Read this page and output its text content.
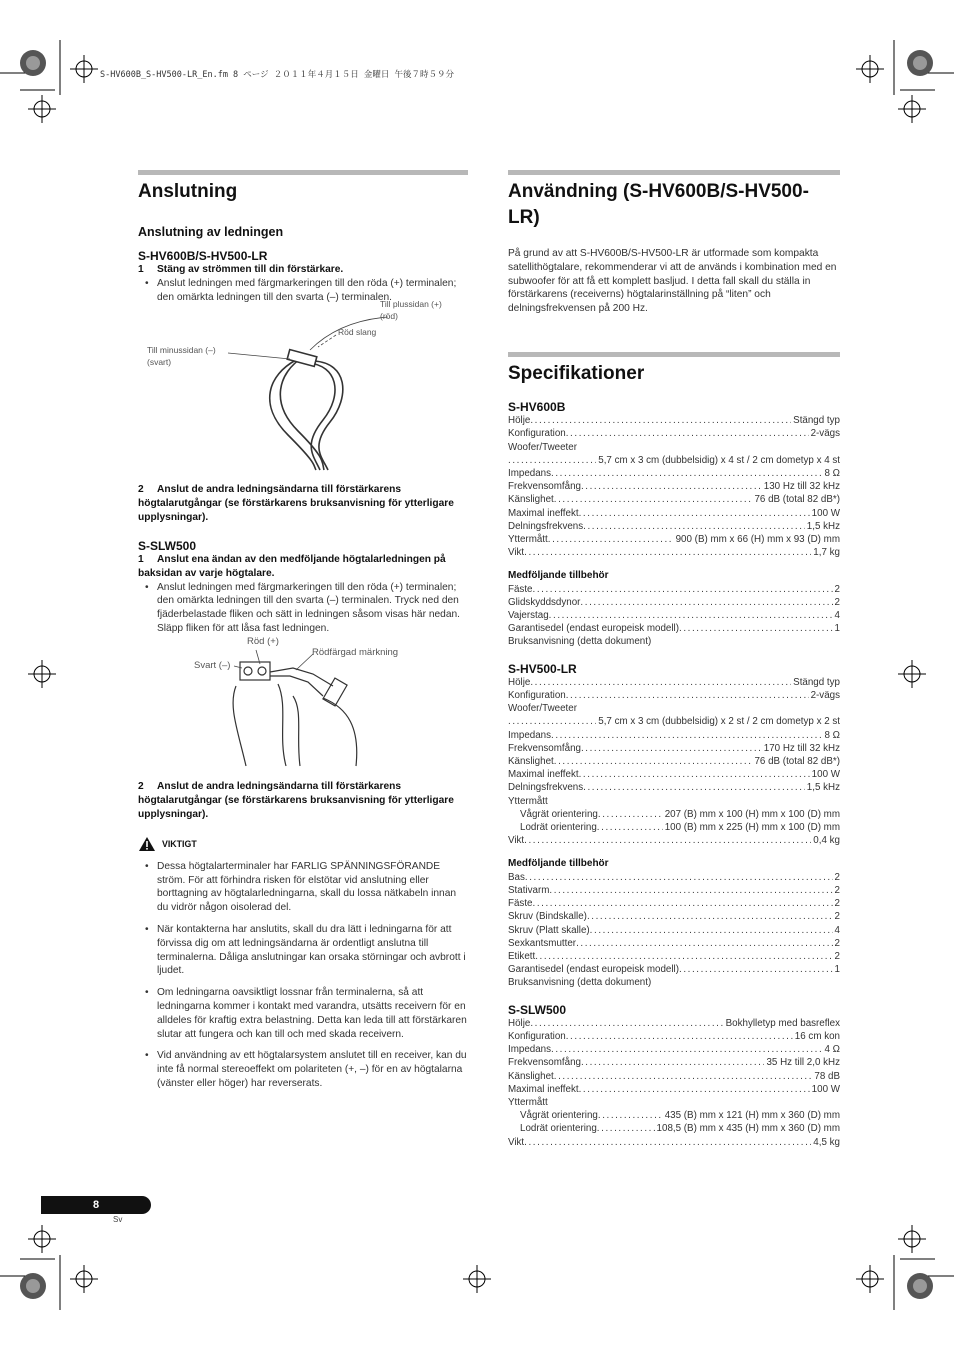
S-HV600B_S-HV500-LR_En.fm 8 ページ ２０１１年４月１５日 金曜日 午後７時５９分
Anslutning
Anslutning av ledningen
S-HV600B/S-HV500-LR

1 Stäng av strömmen till din förstärkare.

• Anslut ledningen med färgmarkeringen till den röda (+) terminalen; den omärkta ledningen till den svarta (–) terminalen.
Till plussidan (+)
(röd)
Röd slang
Till minussidan (–)
(svart)

2 Anslut de andra ledningsändarna till förstärkarens högtalarutgångar (se förstärkarens bruksanvisning för ytterligare upplysningar).

S-SLW500

1 Anslut ena ändan av den medföljande högtalarledningen på baksidan av varje högtalare.

• Anslut ledningen med färgmarkeringen till den röda (+) terminalen; den omärkta ledningen till den svarta (–) terminalen. Tryck ned den fjäderbelastade fliken och sätt in ledningen såsom visas här nedan. Släpp fliken för att låsa fast ledningen.
Röd (+)
Svart (–)
Rödfärgad märkning

2 Anslut de andra ledningsändarna till förstärkarens högtalarutgångar (se förstärkarens bruksanvisning för ytterligare upplysningar).

VIKTIGT
• Dessa högtalarterminaler har FARLIG SPÄNNINGSFÖRANDE ström. För att förhindra risken för elstötar vid anslutning eller borttagning av högtalarledningarna, skall du lossa nätkabeln innan du vidrör någon oisolerad del.
• När kontakterna har anslutits, skall du dra lätt i ledningarna för att förvissa dig om att ledningsändarna är ordentligt anslutna till terminalerna. Dåliga anslutningar kan orsaka störningar och avbrott i ljudet.
• Om ledningarna oavsiktligt lossnar från terminalerna, så att ledningarna kommer i kontakt med varandra, utsätts receivern för en alldeles för kraftig extra belastning. Detta kan leda till att förstärkaren slutar att fungera och kan till och med skada receivern.
• Vid användning av ett högtalarsystem anslutet till en receiver, kan du inte få normal stereoeffekt om polariteten (+, –) för en av högtalarna (vänster eller höger) har reverserats.
Användning (S-HV600B/S-HV500-LR)

På grund av att S-HV600B/S-HV500-LR är utformade som kompakta satellithögtalare, rekommenderar vi att de används i kombination med en subwoofer för att få ett komplett basljud. I detta fall skall du ställa in förstärkarens (receiverns) högtalarinställning på “liten” och delningsfrekvensen på 200 Hz.

Specifikationer
S-HV600B
Hölje .....	Stängd typ
Konfiguration .....	2-vägs
Woofer/Tweeter
.....
5,7 cm x 3 cm (dubbelsidig) x 4 st / 2 cm dometyp x 4 st
Impedans .....	8 Ω
Frekvensomfång .....	130 Hz till 32 kHz
Känslighet .....	76 dB (total 82 dB*)
Maximal ineffekt .....	100 W
Delningsfrekvens .....	1,5 kHz
Yttermått .....	900 (B) mm x 66 (H) mm x 93 (D) mm
Vikt .....	1,7 kg

Medföljande tillbehör

Fäste .....	2
Glidskyddsdynor .....	2
Vajerstag .....	4
Garantisedel (endast europeisk modell) .....	1
Bruksanvisning (detta dokument)
S-HV500-LR
Hölje .....	Stängd typ
Konfiguration .....	2-vägs
Woofer/Tweeter
.....
5,7 cm x 3 cm (dubbelsidig) x 2 st / 2 cm dometyp x 2 st
Impedans .....	8 Ω
Frekvensomfång .....	170 Hz till 32 kHz
Känslighet .....	76 dB (total 82 dB*)
Maximal ineffekt .....	100 W
Delningsfrekvens .....	1,5 kHz
Yttermått
Vågrät orientering .....	207 (B) mm x 100 (H) mm x 100 (D) mm
Lodrät orientering .....	100 (B) mm x 225 (H) mm x 100 (D) mm
Vikt .....	0,4 kg

Medföljande tillbehör

Bas .....	2
Stativarm .....	2
Fäste .....	2
Skruv (Bindskalle) .....	2
Skruv (Platt skalle) .....	4
Sexkantsmutter .....	2
Etikett .....	2
Garantisedel (endast europeisk modell) .....	1
Bruksanvisning (detta dokument)
S-SLW500
Hölje .....	Bokhylletyp med basreflex
Konfiguration .....	16 cm kon
Impedans .....	4 Ω
Frekvensomfång .....	35 Hz till 2,0 kHz
Känslighet .....	78 dB
Maximal ineffekt .....	100 W
Yttermått
Vågrät orientering .....	435 (B) mm x 121 (H) mm x 360 (D) mm
Lodrät orientering .....	108,5 (B) mm x 435 (H) mm x 360 (D) mm
Vikt .....	4,5 kg
8
Sv
